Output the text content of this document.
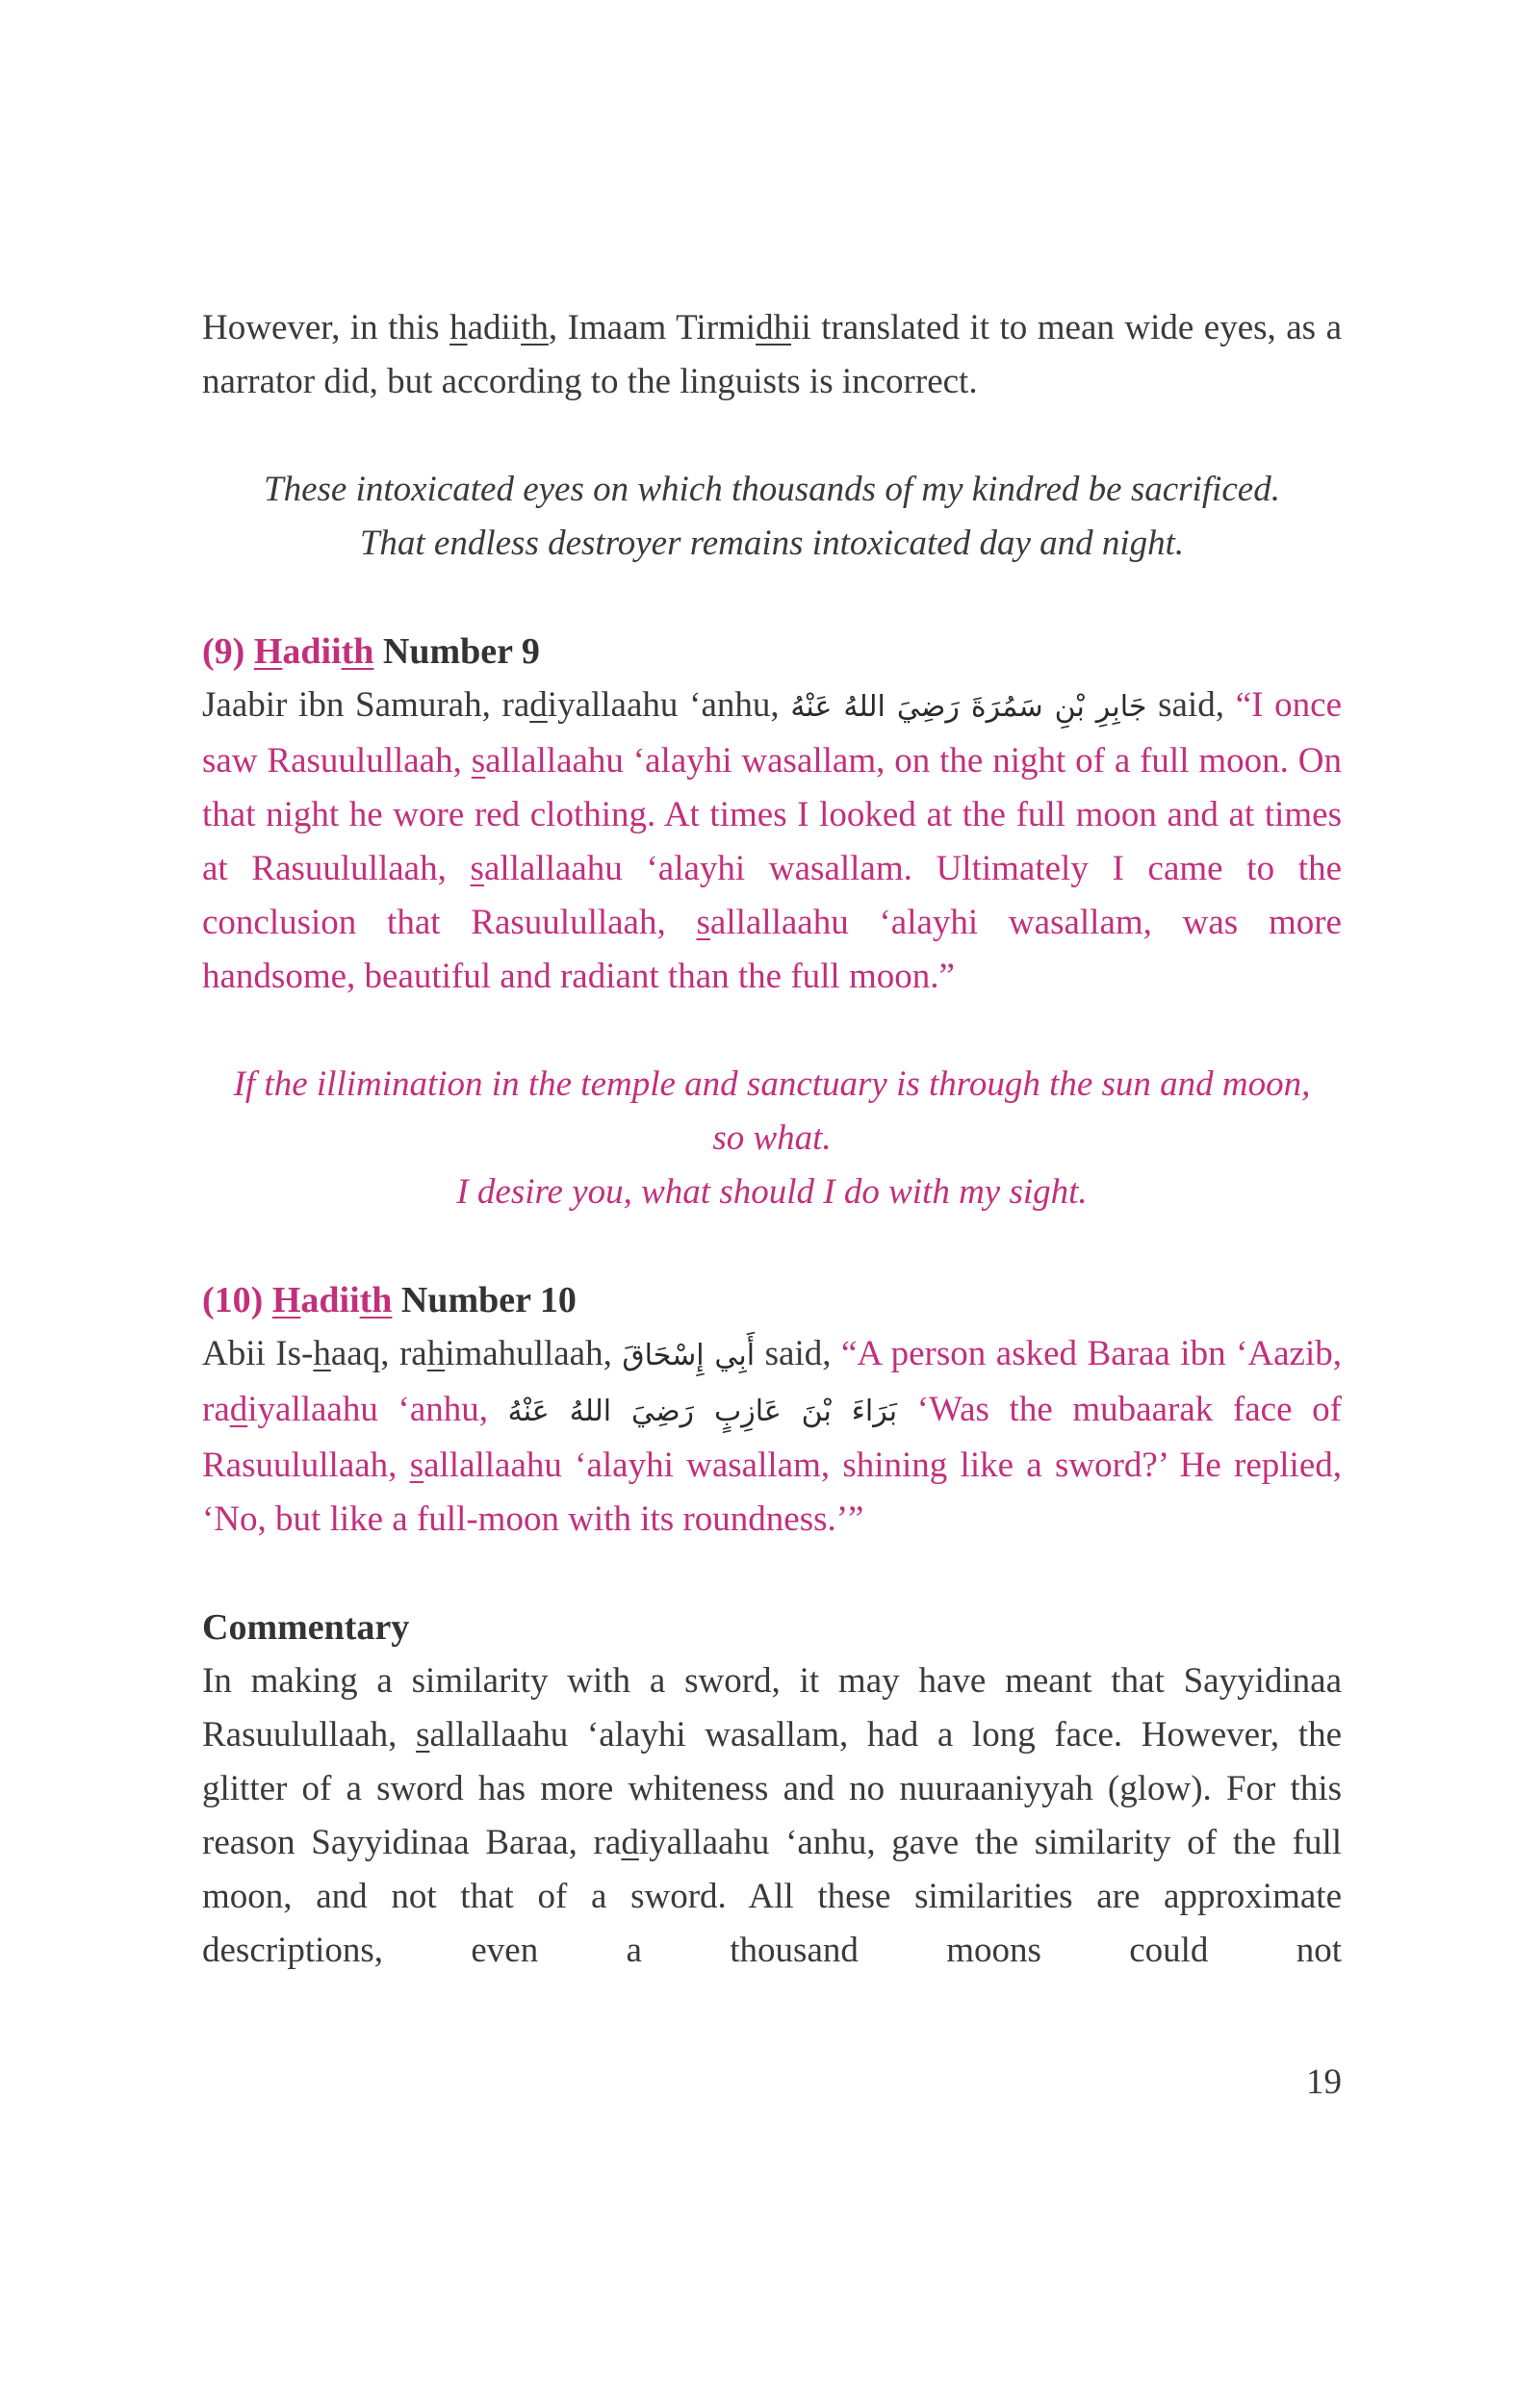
However, in this hadiith, Imaam Tirmidhii translated it to mean wide eyes, as a narrator did, but according to the linguists is incorrect.

These intoxicated eyes on which thousands of my kindred be sacrificed.
That endless destroyer remains intoxicated day and night.

(9) Hadiith Number 9

Jaabir ibn Samurah, radiyallaahu ‘anhu, جَابِرِ بْنِ سَمُرَةَ رَضِيَ اللهُ عَنْهُ said, “I once saw Rasuulullaah, sallallaahu ‘alayhi wasallam, on the night of a full moon. On that night he wore red clothing. At times I looked at the full moon and at times at Rasuulullaah, sallallaahu ‘alayhi wasallam. Ultimately I came to the conclusion that Rasuulullaah, sallallaahu ‘alayhi wasallam, was more handsome, beautiful and radiant than the full moon.”

If the illimination in the temple and sanctuary is through the sun and moon, so what.
I desire you, what should I do with my sight.

(10) Hadiith Number 10

Abii Is-haaq, rahimahullaah, أَبِي إِسْحَاقَ said, “A person asked Baraa ibn ‘Aazib, radiyallaahu ‘anhu, بَرَاءَ بْنَ عَازِبٍ رَضِيَ اللهُ عَنْهُ ‘Was the mubaarak face of Rasuulullaah, sallallaahu ‘alayhi wasallam, shining like a sword?’ He replied, ‘No, but like a full-moon with its roundness.’”

Commentary

In making a similarity with a sword, it may have meant that Sayyidinaa Rasuulullaah, sallallaahu ‘alayhi wasallam, had a long face. However, the glitter of a sword has more whiteness and no nuuraaniyyah (glow). For this reason Sayyidinaa Baraa, radiyallaahu ‘anhu, gave the similarity of the full moon, and not that of a sword. All these similarities are approximate descriptions, even a thousand moons could not

19
